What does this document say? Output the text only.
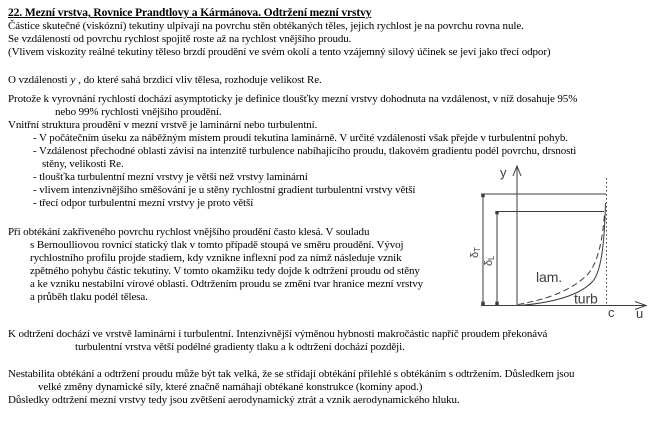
22. Mezní vrstva, Rovnice Prandtlovy a Kármánova. Odtržení mezní vrstvy
Částice skutečné (viskózní) tekutiny ulpívají na povrchu stěn obtékaných těles, jejich rychlost je na povrchu rovna nule.
Se vzdáleností od povrchu rychlost spojitě roste až na rychlost vnějšího proudu.
(Vlivem viskozity reálné tekutiny těleso brzdí proudění ve svém okolí a tento vzájemný silový účinek se jeví jako třecí odpor)
O vzdálenosti y , do které sahá brzdicí vliv tělesa, rozhoduje velikost Re.
Protože k vyrovnání rychlostí dochází asymptoticky je definice tloušťky mezní vrstvy dohodnuta na vzdálenost, v níž dosahuje 95%
nebo 99% rychlosti vnějšího proudění.
Vnitřní struktura proudění v mezní vrstvě je laminární nebo turbulentní.
- V počátečním úseku za náběžným místem proudí tekutina laminárně. V určité vzdálenosti však přejde v turbulentní pohyb.
- Vzdálenost přechodné oblasti závisí na intenzitě turbulence nabíhajícího proudu, tlakovém gradientu podél povrchu, drsnosti
stěny, velikosti Re.
- tloušťka turbulentní mezní vrstvy je větší než vrstvy laminární
- vlivem intenzivnějšího směšování je u stěny rychlostní gradient turbulentní vrstvy větší
- třecí odpor turbulentní mezní vrstvy je proto větší
Při obtékání zakřiveného povrchu rychlost vnějšího proudění často klesá. V souladu
s Bernoulliovou rovnicí statický tlak v tomto případě stoupá ve směru proudění. Vývoj
rychlostního profilu projde stadiem, kdy vznikne inflexní pod za nímž následuje vznik
zpětného pohybu částic tekutiny. V tomto okamžiku tedy dojde k odtržení proudu od stěny
a ke vzniku nestabilní vírové oblasti. Odtržením proudu se změní tvar hranice mezní vrstvy
a průběh tlaku podél tělesa.
K odtržení dochází ve vrstvě laminární i turbulentní. Intenzivnější výměnou hybnosti makročástic napříč proudem překonává
turbulentní vrstva větší podélné gradienty tlaku a k odtržení dochází později.
Nestabilita obtékání a odtržení proudu může být tak velká, že se střídají obtékání přilehlé s obtékáním s odtržením. Důsledkem jsou
velké změny dynamické síly, které značně namáhají obtékané konstrukce (komíny apod.)
Důsledky odtržení mezní vrstvy tedy jsou zvětšení aerodynamický ztrát a vznik aerodynamického hluku.
y
u
c
lam.
turb
δT
δL
